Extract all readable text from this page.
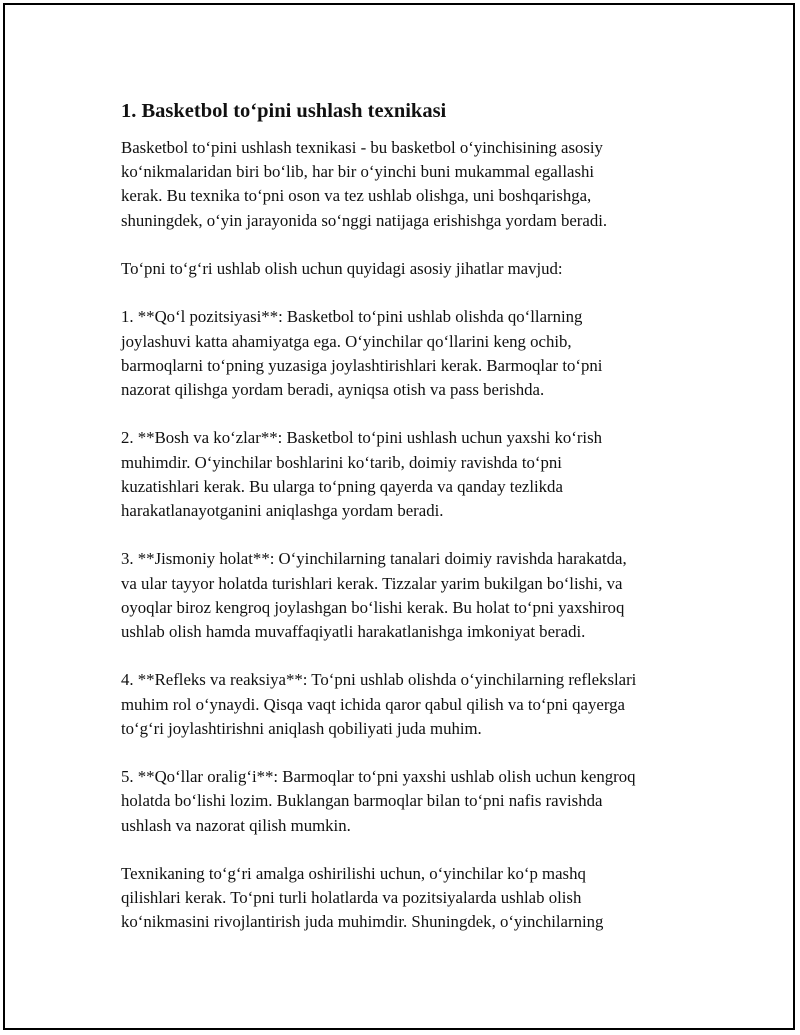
1. Basketbol to‘pini ushlash texnikasi

Basketbol to‘pini ushlash texnikasi - bu basketbol o‘yinchisining asosiy
ko‘nikmalaridan biri bo‘lib, har bir o‘yinchi buni mukammal egallashi
kerak. Bu texnika to‘pni oson va tez ushlab olishga, uni boshqarishga,
shuningdek, o‘yin jarayonida so‘nggi natijaga erishishga yordam beradi.

To‘pni to‘g‘ri ushlab olish uchun quyidagi asosiy jihatlar mavjud:

1. **Qo‘l pozitsiyasi**: Basketbol to‘pini ushlab olishda qo‘llarning
joylashuvi katta ahamiyatga ega. O‘yinchilar qo‘llarini keng ochib,
barmoqlarni to‘pning yuzasiga joylashtirishlari kerak. Barmoqlar to‘pni
nazorat qilishga yordam beradi, ayniqsa otish va pass berishda.

2. **Bosh va ko‘zlar**: Basketbol to‘pini ushlash uchun yaxshi ko‘rish
muhimdir. O‘yinchilar boshlarini ko‘tarib, doimiy ravishda to‘pni
kuzatishlari kerak. Bu ularga to‘pning qayerda va qanday tezlikda
harakatlanayotganini aniqlashga yordam beradi.

3. **Jismoniy holat**: O‘yinchilarning tanalari doimiy ravishda harakatda,
va ular tayyor holatda turishlari kerak. Tizzalar yarim bukilgan bo‘lishi, va
oyoqlar biroz kengroq joylashgan bo‘lishi kerak. Bu holat to‘pni yaxshiroq
ushlab olish hamda muvaffaqiyatli harakatlanishga imkoniyat beradi.

4. **Refleks va reaksiya**: To‘pni ushlab olishda o‘yinchilarning reflekslari
muhim rol o‘ynaydi. Qisqa vaqt ichida qaror qabul qilish va to‘pni qayerga
to‘g‘ri joylashtirishni aniqlash qobiliyati juda muhim.

5. **Qo‘llar oralig‘i**: Barmoqlar to‘pni yaxshi ushlab olish uchun kengroq
holatda bo‘lishi lozim. Buklangan barmoqlar bilan to‘pni nafis ravishda
ushlash va nazorat qilish mumkin.

Texnikaning to‘g‘ri amalga oshirilishi uchun, o‘yinchilar ko‘p mashq
qilishlari kerak. To‘pni turli holatlarda va pozitsiyalarda ushlab olish
ko‘nikmasini rivojlantirish juda muhimdir. Shuningdek, o‘yinchilarning
